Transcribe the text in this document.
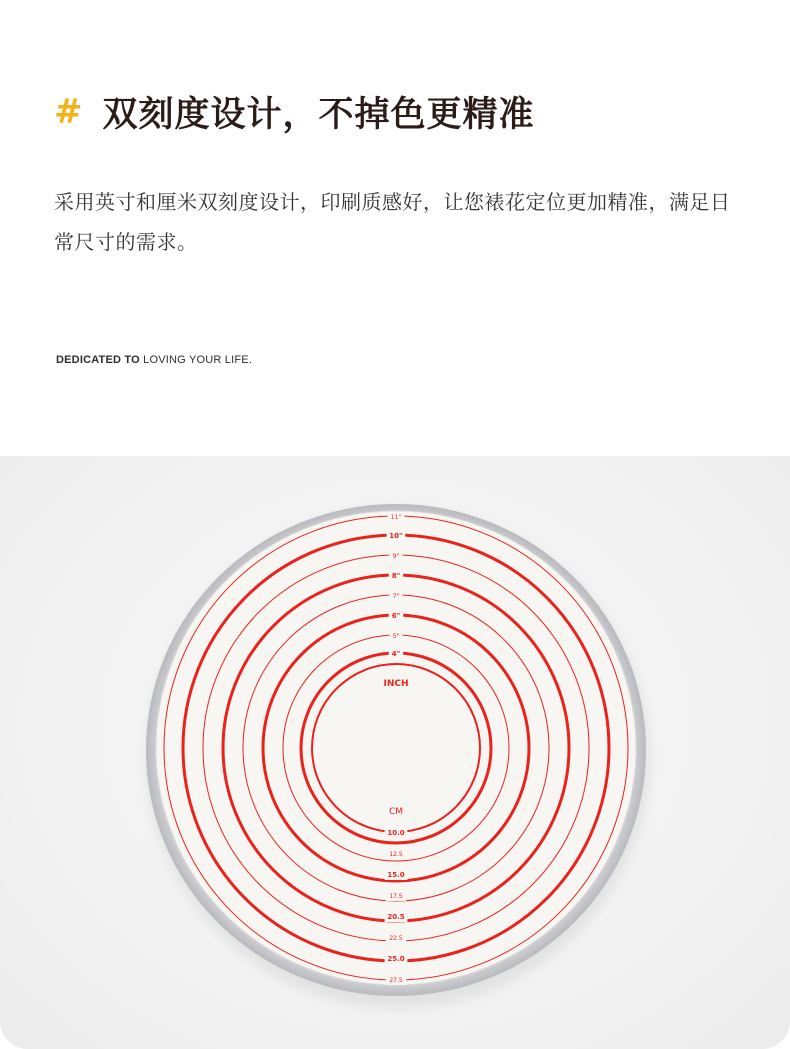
# 双刻度设计，不掉色更精准

采用英寸和厘米双刻度设计，印刷质感好，让您裱花定位更加精准，满足日常尺寸的需求。

DEDICATED TO LOVING YOUR LIFE.
11"
10"
9"
8"
7"
6"
5"
4"
INCH
CM
10.0
12.5
15.0
17.5
20.5
22.5
25.0
27.5
